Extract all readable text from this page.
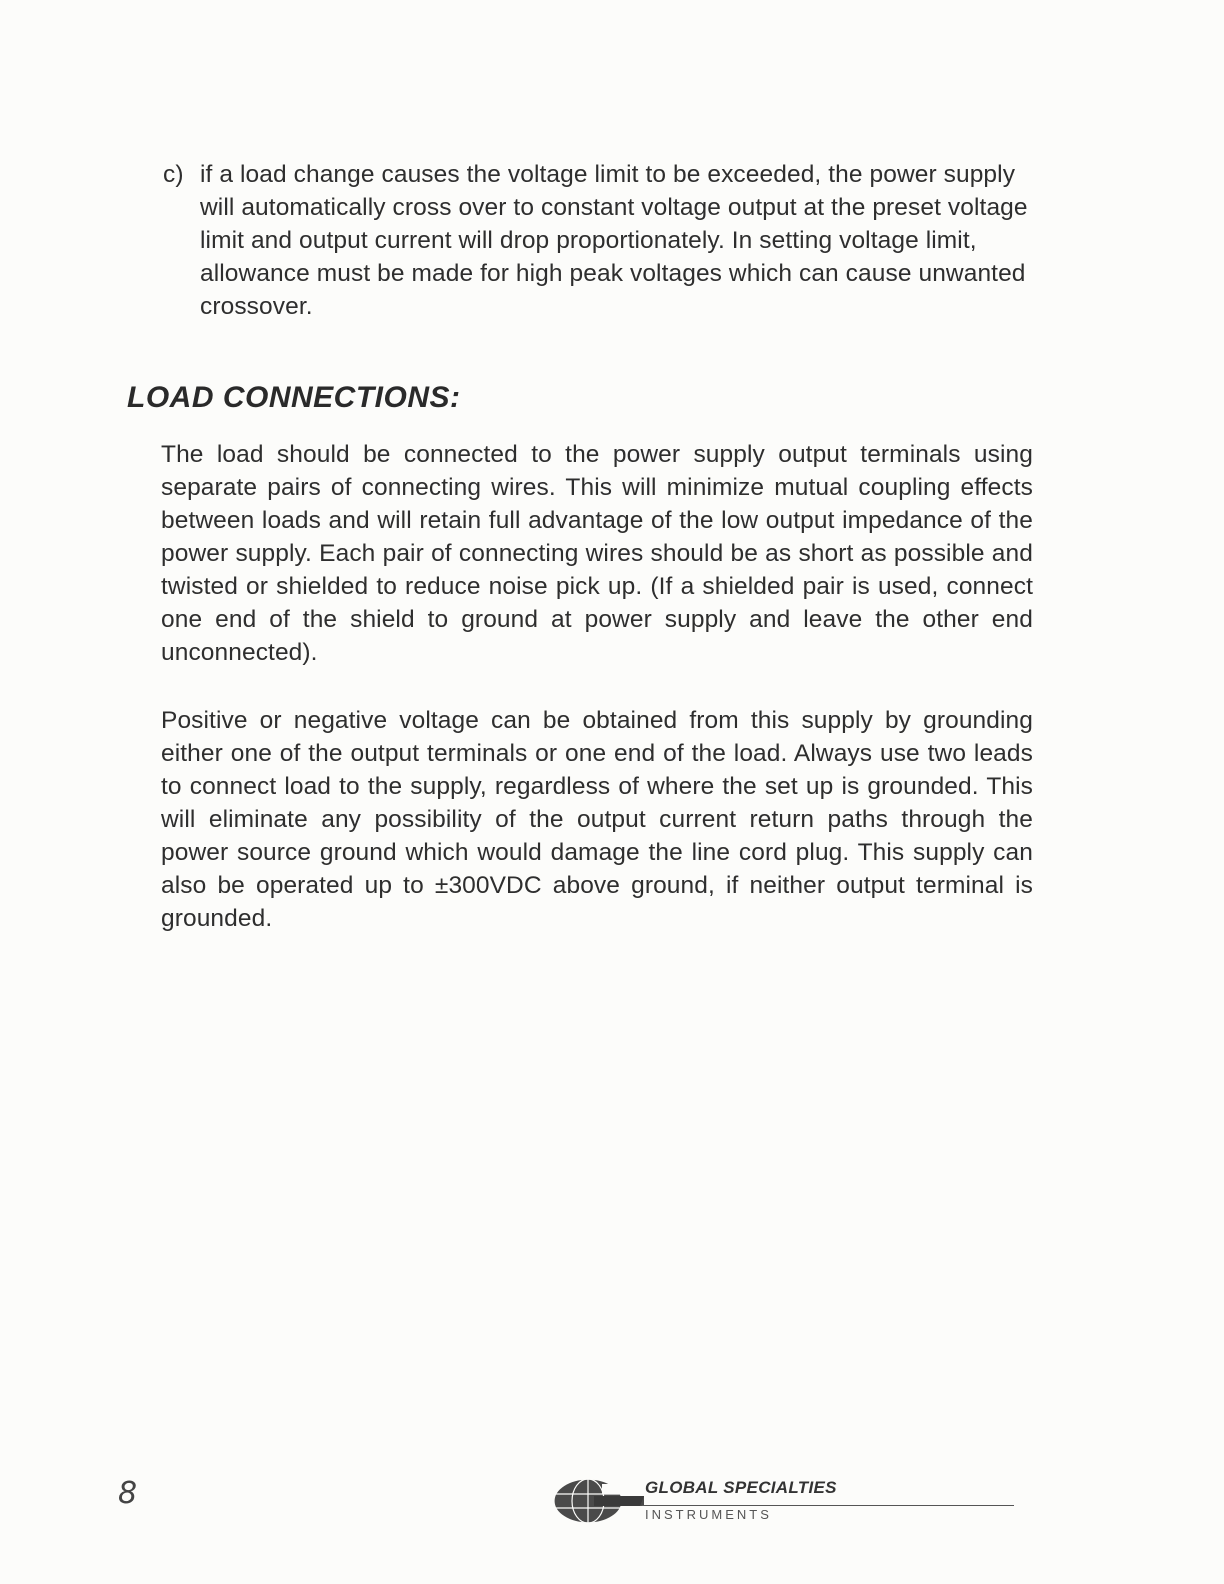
c) if a load change causes the voltage limit to be exceeded, the power supply will automatically cross over to constant voltage output at the preset voltage limit and output current will drop proportionately. In setting voltage limit, allowance must be made for high peak voltages which can cause unwanted crossover.
LOAD CONNECTIONS:

The load should be connected to the power supply output terminals using separate pairs of connecting wires. This will minimize mutual coupling effects between loads and will retain full advantage of the low output impedance of the power supply. Each pair of connecting wires should be as short as possible and twisted or shielded to reduce noise pick up. (If a shielded pair is used, connect one end of the shield to ground at power supply and leave the other end unconnected).

Positive or negative voltage can be obtained from this supply by grounding either one of the output terminals or one end of the load. Always use two leads to connect load to the supply, regardless of where the set up is grounded. This will eliminate any possibility of the output current return paths through the power source ground which would damage the line cord plug. This supply can also be operated up to ±300VDC above ground, if neither output terminal is grounded.

8	GLOBAL SPECIALTIES
INSTRUMENTS
